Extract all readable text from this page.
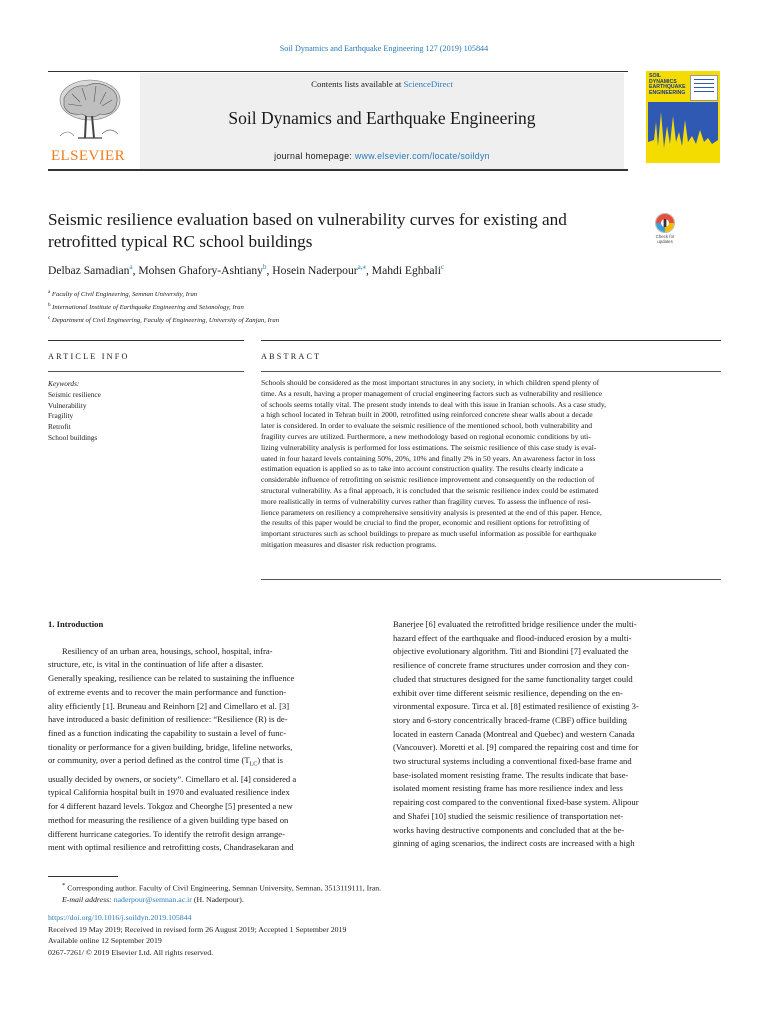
Soil Dynamics and Earthquake Engineering 127 (2019) 105844
ELSEVIER
Contents lists available at ScienceDirect
Soil Dynamics and Earthquake Engineering
journal homepage: www.elsevier.com/locate/soildyn
SOIL
DYNAMICS
EARTHQUAKE
ENGINEERING
Seismic resilience evaluation based on vulnerability curves for existing and
retrofitted typical RC school buildings	Check for
updates
Delbaz Samadian$^a$, Mohsen Ghafory-Ashtiany$^b$, Hosein Naderpour$^{a,⁎}$, Mahdi Eghbali$^c$
$^a$ Faculty of Civil Engineering, Semnan University, Iran
$^b$ International Institute of Earthquake Engineering and Seismology, Iran
$^c$ Department of Civil Engineering, Faculty of Engineering, University of Zanjan, Iran
ARTICLE INFO	ABSTRACT
Keywords:
Seismic resilience
Vulnerability
Fragility
Retrofit
School buildings
Schools should be considered as the most important structures in any society, in which children spend plenty of
time. As a result, having a proper management of crucial engineering factors such as vulnerability and resilience
of schools seems totally vital. The present study intends to deal with this issue in Iranian schools. As a case study,
a high school located in Tehran built in 2000, retrofitted using reinforced concrete shear walls about a decade
later is considered. In order to evaluate the seismic resilience of the mentioned school, both vulnerability and
fragility curves are utilized. Furthermore, a new methodology based on regional economic conditions by uti-
lizing vulnerability analysis is performed for loss estimations. The seismic resilience of this case study is eval-
uated in four hazard levels containing 50%, 20%, 10% and finally 2% in 50 years. An awareness factor in loss
estimation equation is applied so as to take into account construction quality. The results clearly indicate a
considerable influence of retrofitting on seismic resilience improvement and consequently on the reduction of
structural vulnerability. As a final approach, it is concluded that the seismic resilience index could be estimated
more realistically in terms of vulnerability curves rather than fragility curves. To assess the influence of resi-
lience parameters on resiliency a comprehensive sensitivity analysis is presented at the end of this paper. Hence,
the results of this paper would be crucial to find the proper, economic and resilient options for retrofitting of
important structures such as school buildings to prepare as much useful information as possible for earthquake
mitigation measures and disaster risk reduction programs.
1. Introduction

Resiliency of an urban area, housings, school, hospital, infra-
structure, etc, is vital in the continuation of life after a disaster.
Generally speaking, resilience can be related to sustaining the influence
of extreme events and to recover the main performance and function-
ality efficiently [1]. Bruneau and Reinhorn [2] and Cimellaro et al. [3]
have introduced a basic definition of resilience: “Resilience (R) is de-
fined as a function indicating the capability to sustain a level of func-
tionality or performance for a given building, bridge, lifeline networks,
or community, over a period defined as the control time $(T_{LC})$ that is
usually decided by owners, or society”. Cimellaro et al. [4] considered a
typical California hospital built in 1970 and evaluated resilience index
for 4 different hazard levels. Tokgoz and Cheorghe [5] presented a new
method for measuring the resilience of a given building type based on
different hurricane categories. To identify the retrofit design arrange-
ment with optimal resilience and retrofitting costs, Chandrasekaran and

Banerjee [6] evaluated the retrofitted bridge resilience under the multi-
hazard effect of the earthquake and flood-induced erosion by a multi-
objective evolutionary algorithm. Titi and Biondini [7] evaluated the
resilience of concrete frame structures under corrosion and they con-
cluded that structures designed for the same functionality target could
exhibit over time different seismic resilience, depending on the en-
vironmental exposure. Tirca et al. [8] estimated resilience of existing 3-
story and 6-story concentrically braced-frame (CBF) office building
located in eastern Canada (Montreal and Quebec) and western Canada
(Vancouver). Moretti et al. [9] compared the repairing cost and time for
two structural systems including a conventional fixed-base frame and
base-isolated moment resisting frame. The results indicate that base-
isolated moment resisting frame has more resilience index and less
repairing cost compared to the conventional fixed-base system. Alipour
and Shafei [10] studied the seismic resilience of transportation net-
works having destructive components and concluded that at the be-
ginning of aging scenarios, the indirect costs are increased with a high

* Corresponding author. Faculty of Civil Engineering, Semnan University, Semnan, 3513119111, Iran.

E-mail address: naderpour@semnan.ac.ir (H. Naderpour).

https://doi.org/10.1016/j.soildyn.2019.105844

Received 19 May 2019; Received in revised form 26 August 2019; Accepted 1 September 2019

Available online 12 September 2019

0267-7261/ © 2019 Elsevier Ltd. All rights reserved.
